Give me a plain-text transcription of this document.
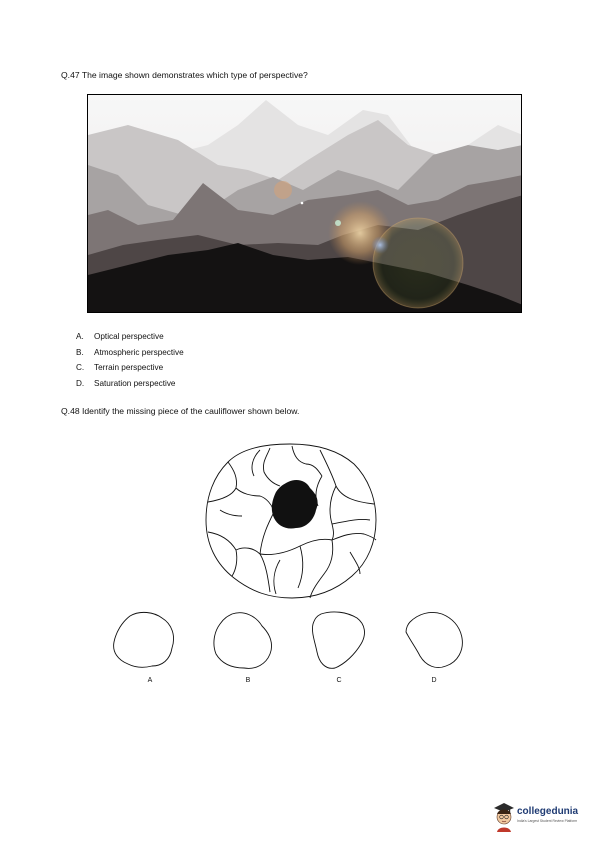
Q.47 The image shown demonstrates which type of perspective?
A. Optical perspective
B. Atmospheric perspective
C. Terrain perspective
D. Saturation perspective
Q.48 Identify the missing piece of the cauliflower shown below.
A	B	C	D
collegedunia
India's Largest Student Review Platform
